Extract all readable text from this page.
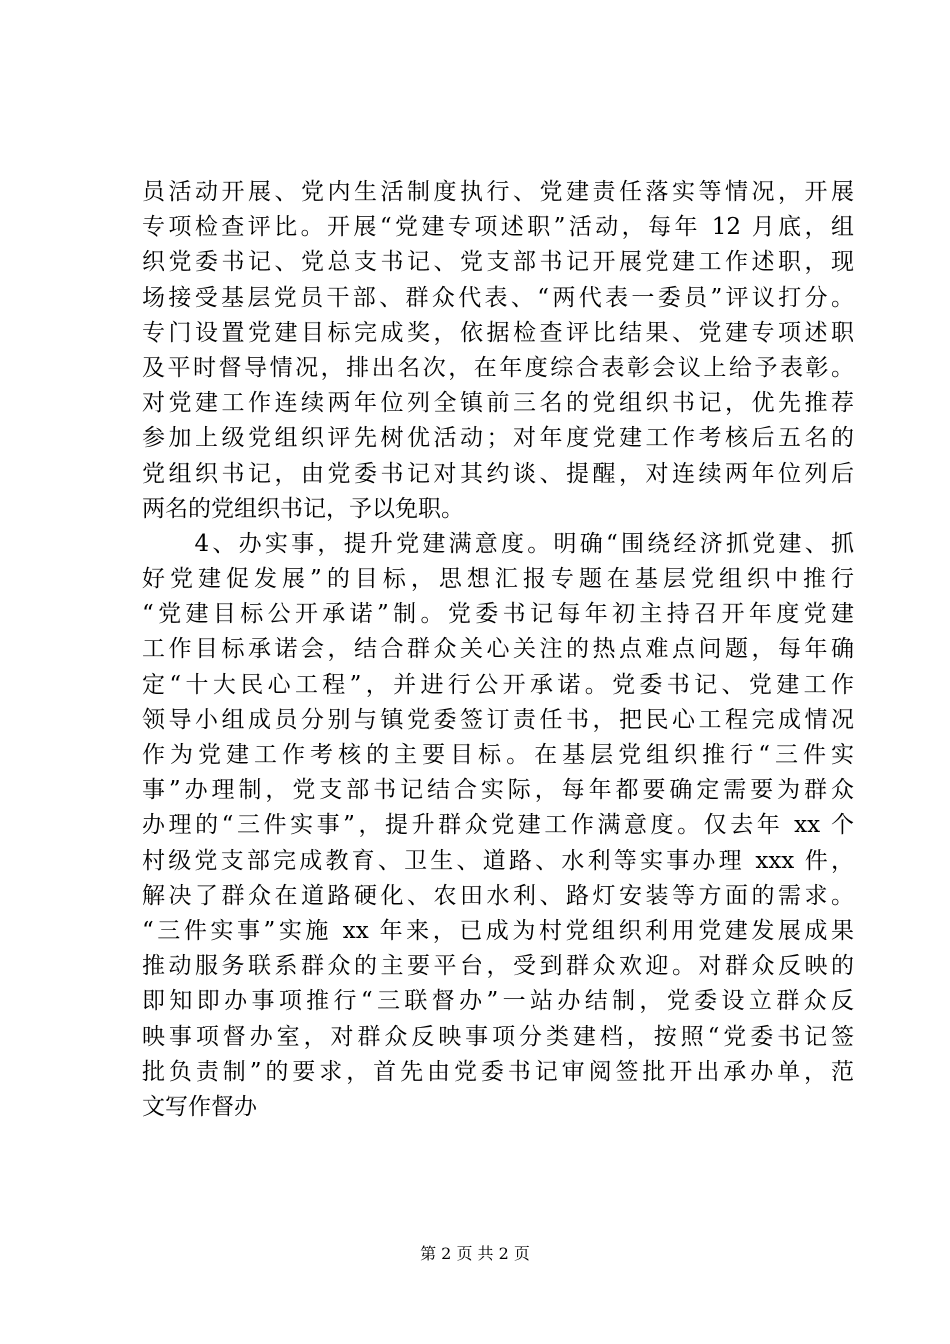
员活动开展、党内生活制度执行、党建责任落实等情况，开展
专项检查评比。开展“党建专项述职”活动，每年 12 月底，组
织党委书记、党总支书记、党支部书记开展党建工作述职，现
场接受基层党员干部、群众代表、“两代表一委员”评议打分。
专门设置党建目标完成奖，依据检查评比结果、党建专项述职
及平时督导情况，排出名次，在年度综合表彰会议上给予表彰。
对党建工作连续两年位列全镇前三名的党组织书记，优先推荐
参加上级党组织评先树优活动；对年度党建工作考核后五名的
党组织书记，由党委书记对其约谈、提醒，对连续两年位列后
两名的党组织书记，予以免职。
　　4、办实事，提升党建满意度。明确“围绕经济抓党建、抓
好党建促发展”的目标，思想汇报专题在基层党组织中推行
“党建目标公开承诺”制。党委书记每年初主持召开年度党建
工作目标承诺会，结合群众关心关注的热点难点问题，每年确
定“十大民心工程”，并进行公开承诺。党委书记、党建工作
领导小组成员分别与镇党委签订责任书，把民心工程完成情况
作为党建工作考核的主要目标。在基层党组织推行“三件实
事”办理制，党支部书记结合实际，每年都要确定需要为群众
办理的“三件实事”，提升群众党建工作满意度。仅去年 xx 个
村级党支部完成教育、卫生、道路、水利等实事办理 xxx 件，
解决了群众在道路硬化、农田水利、路灯安装等方面的需求。
“三件实事”实施 xx 年来，已成为村党组织利用党建发展成果
推动服务联系群众的主要平台，受到群众欢迎。对群众反映的
即知即办事项推行“三联督办”一站办结制，党委设立群众反
映事项督办室，对群众反映事项分类建档，按照“党委书记签
批负责制”的要求，首先由党委书记审阅签批开出承办单，范
文写作督办
第 2 页 共 2 页
